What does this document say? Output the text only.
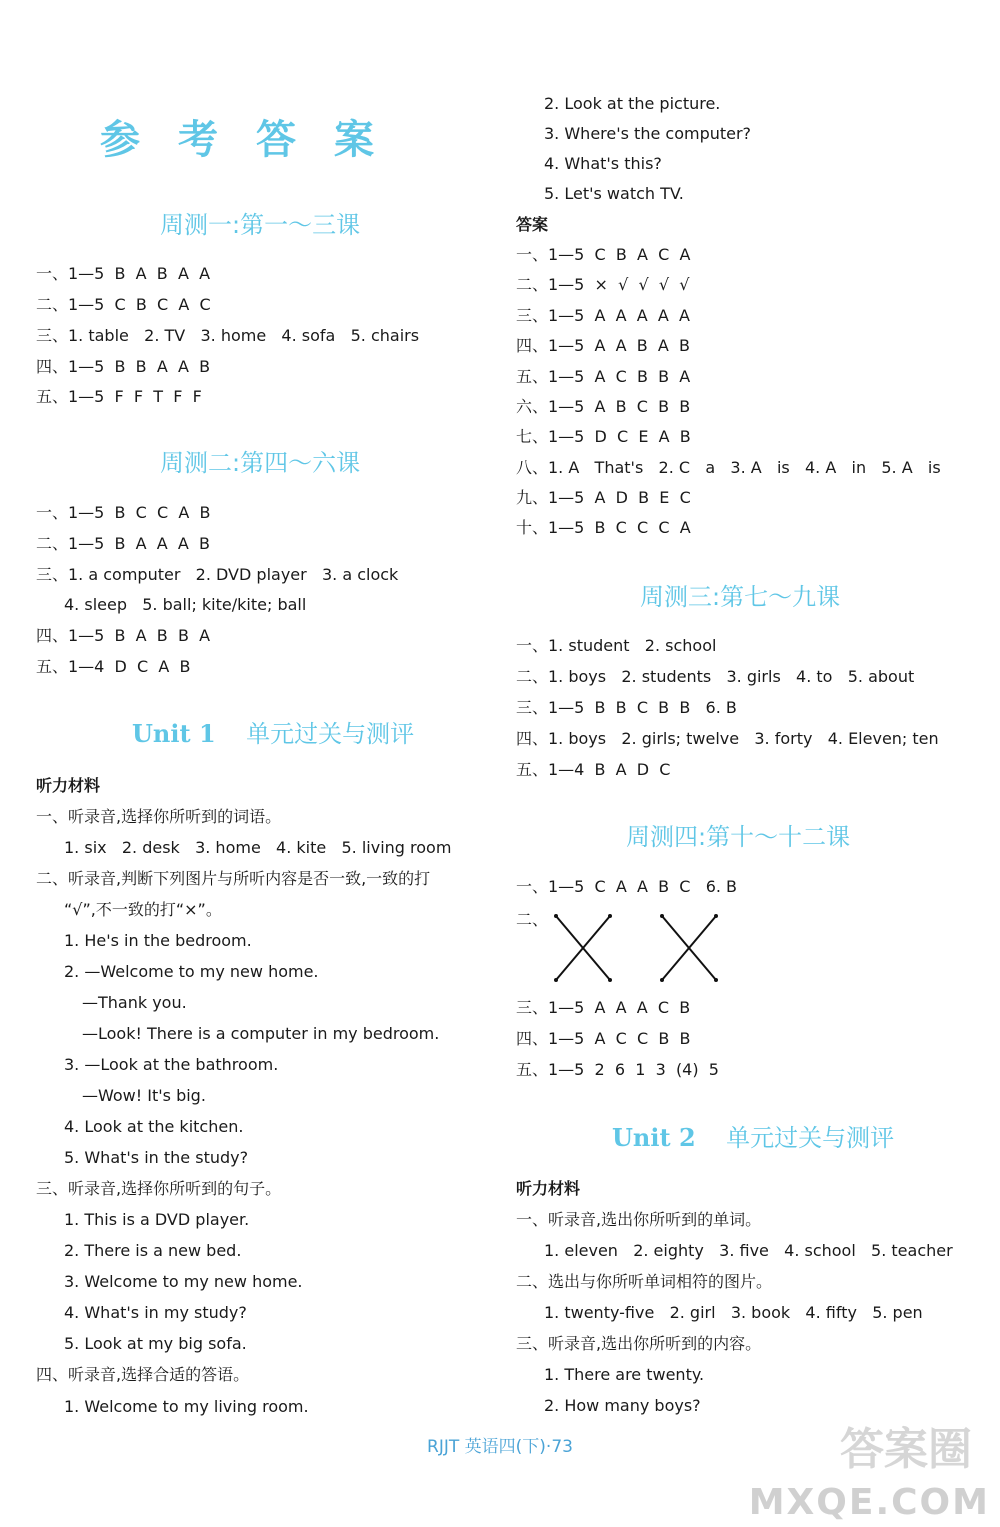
参考答案
周测一:第一～三课
一、1—5  B  A  B  A  A
二、1—5  C  B  C  A  C
三、1. table   2. TV   3. home   4. sofa   5. chairs
四、1—5  B  B  A  A  B
五、1—5  F  F  T  F  F
周测二:第四～六课
一、1—5  B  C  C  A  B
二、1—5  B  A  A  A  B
三、1. a computer   2. DVD player   3. a clock
4. sleep   5. ball; kite/kite; ball
四、1—5  B  A  B  B  A
五、1—4  D  C  A  B
Unit 1 单元过关与测评
听力材料
一、听录音,选择你所听到的词语。
1. six   2. desk   3. home   4. kite   5. living room
二、听录音,判断下列图片与所听内容是否一致,一致的打
“√”,不一致的打“×”。
1. He's in the bedroom.
2. —Welcome to my new home.
—Thank you.
—Look! There is a computer in my bedroom.
3. —Look at the bathroom.
—Wow! It's big.
4. Look at the kitchen.
5. What's in the study?
三、听录音,选择你所听到的句子。
1. This is a DVD player.
2. There is a new bed.
3. Welcome to my new home.
4. What's in my study?
5. Look at my big sofa.
四、听录音,选择合适的答语。
1. Welcome to my living room.
2. Look at the picture.
3. Where's the computer?
4. What's this?
5. Let's watch TV.
答案
一、1—5  C  B  A  C  A
二、1—5  ×  √  √  √  √
三、1—5  A  A  A  A  A
四、1—5  A  A  B  A  B
五、1—5  A  C  B  B  A
六、1—5  A  B  C  B  B
七、1—5  D  C  E  A  B
八、1. A   That's   2. C   a   3. A   is   4. A   in   5. A   is
九、1—5  A  D  B  E  C
十、1—5  B  C  C  C  A
周测三:第七～九课
一、1. student   2. school
二、1. boys   2. students   3. girls   4. to   5. about
三、1—5  B  B  C  B  B   6. B
四、1. boys   2. girls; twelve   3. forty   4. Eleven; ten
五、1—4  B  A  D  C
周测四:第十～十二课
一、1—5  C  A  A  B  C   6. B
二、
三、1—5  A  A  A  C  B
四、1—5  A  C  C  B  B
五、1—5  2  6  1  3  (4)  5
Unit 2 单元过关与测评
听力材料
一、听录音,选出你所听到的单词。
1. eleven   2. eighty   3. five   4. school   5. teacher
二、选出与你所听单词相符的图片。
1. twenty-five   2. girl   3. book   4. fifty   5. pen
三、听录音,选出你所听到的内容。
1. There are twenty.
2. How many boys?
RJJT 英语四(下)·73	答案圈
MXQE.COM
